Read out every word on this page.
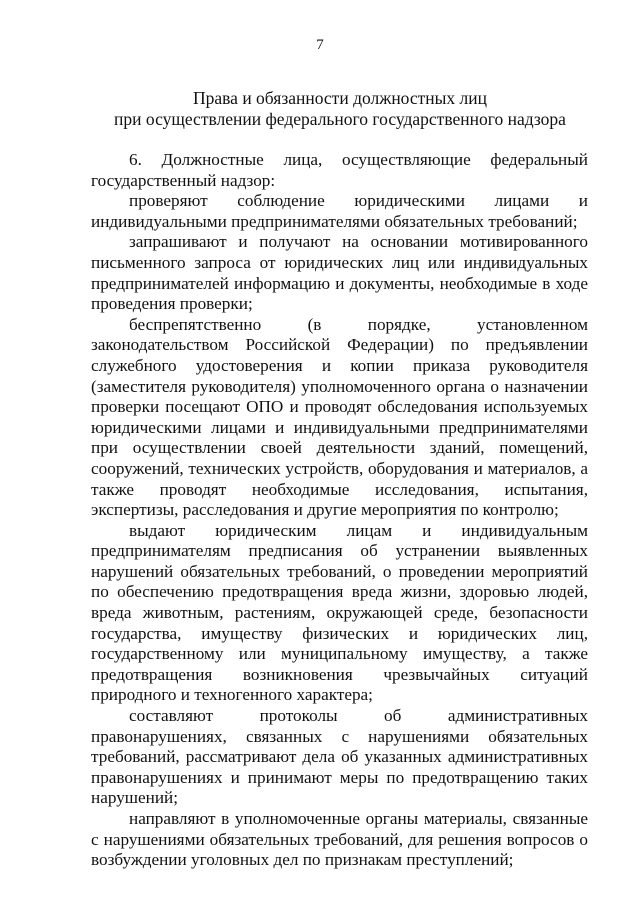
7
Права и обязанности должностных лиц
при осуществлении федерального государственного надзора

6. Должностные лица, осуществляющие федеральный государственный надзор:

проверяют соблюдение юридическими лицами и индивидуальными предпринимателями обязательных требований;

запрашивают и получают на основании мотивированного письменного запроса от юридических лиц или индивидуальных предпринимателей информацию и документы, необходимые в ходе проведения проверки;

беспрепятственно (в порядке, установленном законодательством Российской Федерации) по предъявлении служебного удостоверения и копии приказа руководителя (заместителя руководителя) уполномоченного органа о назначении проверки посещают ОПО и проводят обследования используемых юридическими лицами и индивидуальными предпринимателями при осуществлении своей деятельности зданий, помещений, сооружений, технических устройств, оборудования и материалов, а также проводят необходимые исследования, испытания, экспертизы, расследования и другие мероприятия по контролю;

выдают юридическим лицам и индивидуальным предпринимателям предписания об устранении выявленных нарушений обязательных требований, о проведении мероприятий по обеспечению предотвращения вреда жизни, здоровью людей, вреда животным, растениям, окружающей среде, безопасности государства, имуществу физических и юридических лиц, государственному или муниципальному имуществу, а также предотвращения возникновения чрезвычайных ситуаций природного и техногенного характера;

составляют протоколы об административных правонарушениях, связанных с нарушениями обязательных требований, рассматривают дела об указанных административных правонарушениях и принимают меры по предотвращению таких нарушений;

направляют в уполномоченные органы материалы, связанные с нарушениями обязательных требований, для решения вопросов о возбуждении уголовных дел по признакам преступлений;
